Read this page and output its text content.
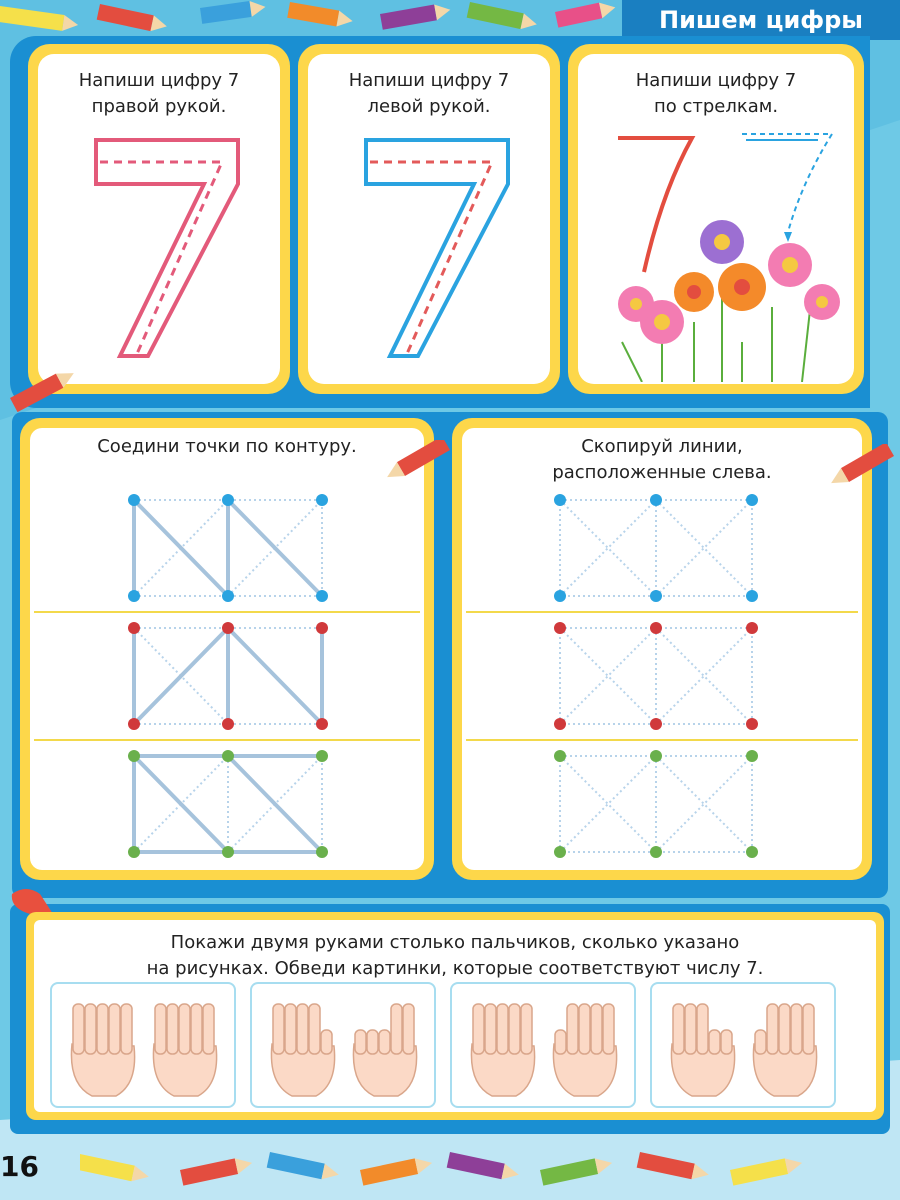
Пишем цифры
Напиши цифру 7
правой рукой.
Напиши цифру 7
левой рукой.
Напиши цифру 7
по стрелкам.
Соедини точки по контуру.	Скопируй линии,
расположенные слева.
Покажи двумя руками столько пальчиков, сколько указано
на рисунках. Обведи картинки, которые соответствуют числу 7.
16
